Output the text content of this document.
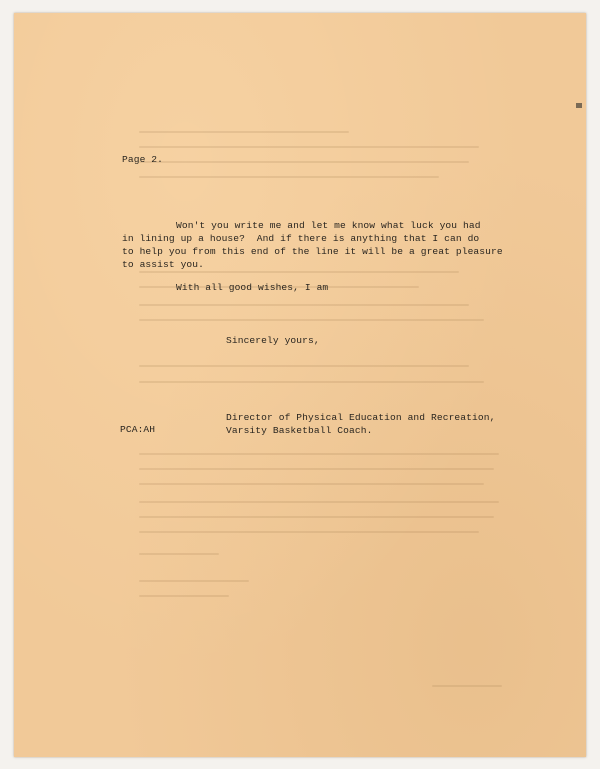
Page 2.
Won't you write me and let me know what luck you had
in lining up a house?  And if there is anything that I can do
to help you from this end of the line it will be a great pleasure
to assist you.
With all good wishes, I am
Sincerely yours,
Director of Physical Education and Recreation,
Varsity Basketball Coach.
PCA:AH
